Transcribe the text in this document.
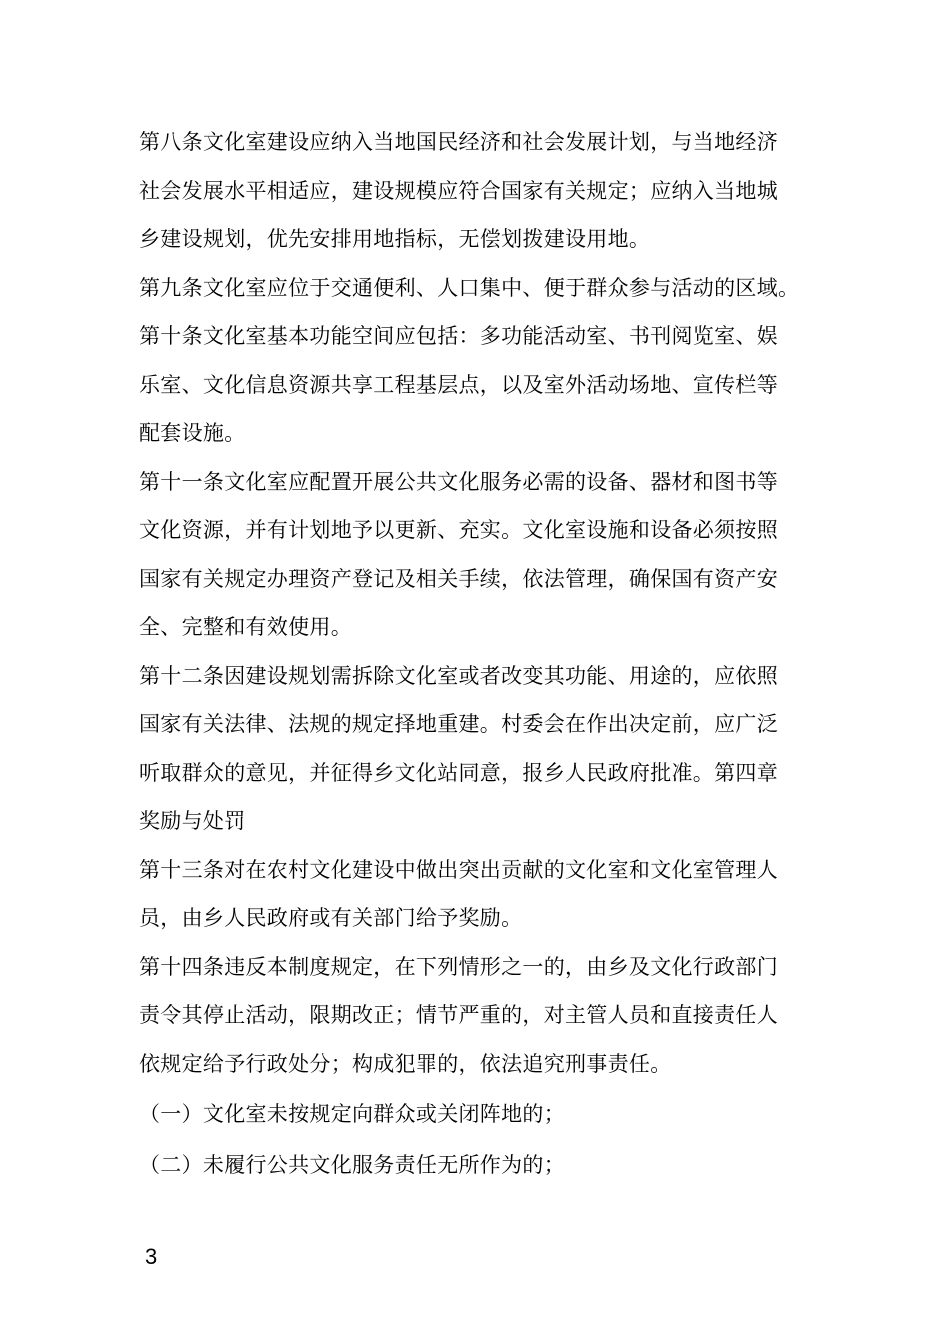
第八条文化室建设应纳入当地国民经济和社会发展计划，与当地经济
社会发展水平相适应，建设规模应符合国家有关规定；应纳入当地城
乡建设规划，优先安排用地指标，无偿划拨建设用地。

第九条文化室应位于交通便利、人口集中、便于群众参与活动的区域。

第十条文化室基本功能空间应包括：多功能活动室、书刊阅览室、娱
乐室、文化信息资源共享工程基层点，以及室外活动场地、宣传栏等
配套设施。

第十一条文化室应配置开展公共文化服务必需的设备、器材和图书等
文化资源，并有计划地予以更新、充实。文化室设施和设备必须按照
国家有关规定办理资产登记及相关手续，依法管理，确保国有资产安
全、完整和有效使用。

第十二条因建设规划需拆除文化室或者改变其功能、用途的，应依照
国家有关法律、法规的规定择地重建。村委会在作出决定前，应广泛
听取群众的意见，并征得乡文化站同意，报乡人民政府批准。第四章
奖励与处罚

第十三条对在农村文化建设中做出突出贡献的文化室和文化室管理人
员，由乡人民政府或有关部门给予奖励。

第十四条违反本制度规定，在下列情形之一的，由乡及文化行政部门
责令其停止活动，限期改正；情节严重的，对主管人员和直接责任人
依规定给予行政处分；构成犯罪的，依法追究刑事责任。

（一）文化室未按规定向群众或关闭阵地的；

（二）未履行公共文化服务责任无所作为的；

3
